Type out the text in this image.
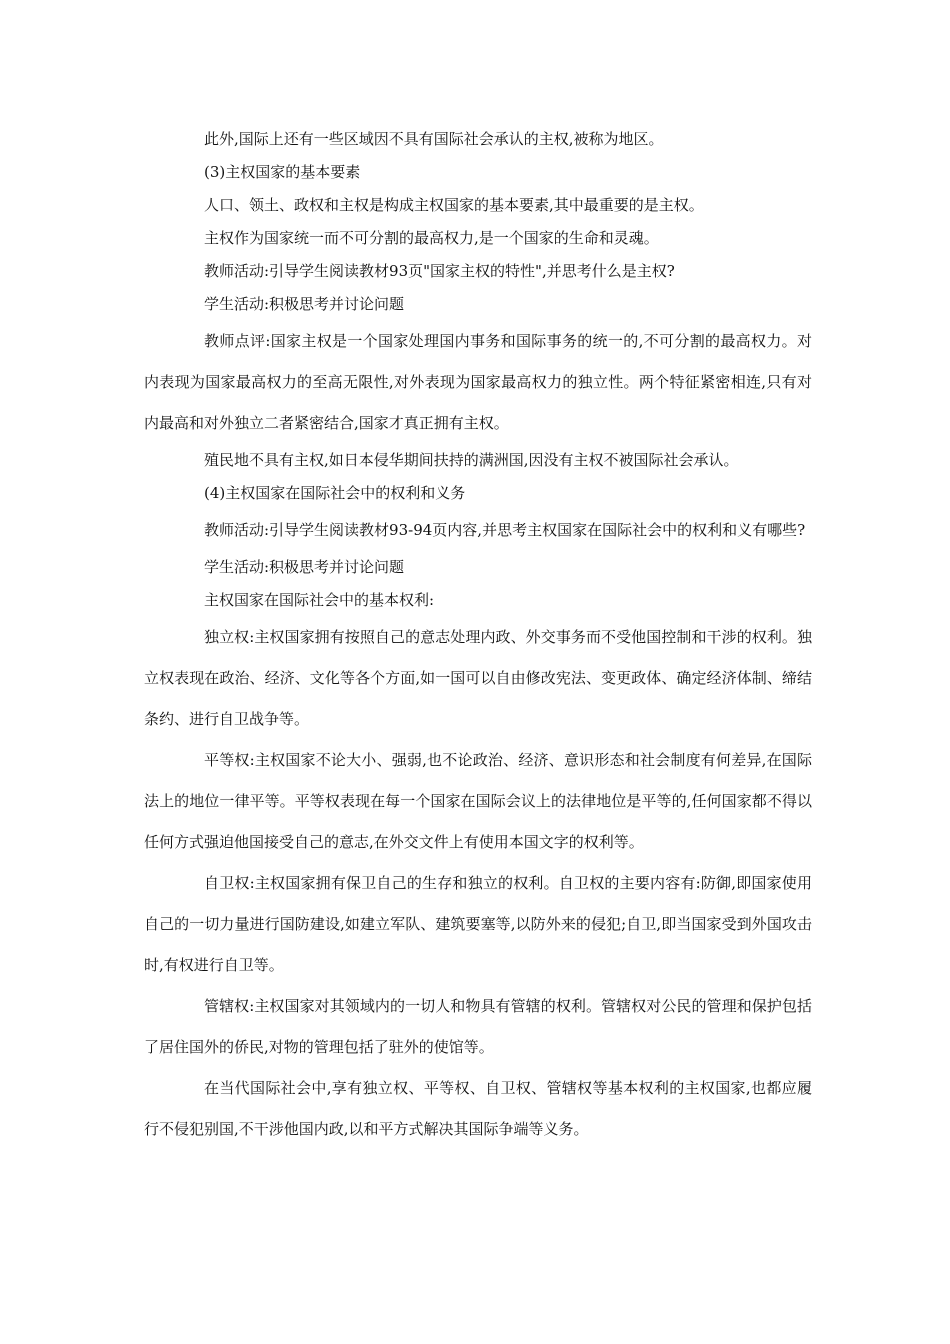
此外,国际上还有一些区域因不具有国际社会承认的主权,被称为地区。

(3)主权国家的基本要素

人口、领土、政权和主权是构成主权国家的基本要素,其中最重要的是主权。

主权作为国家统一而不可分割的最高权力,是一个国家的生命和灵魂。

教师活动:引导学生阅读教材93页"国家主权的特性",并思考什么是主权?

学生活动:积极思考并讨论问题

教师点评:国家主权是一个国家处理国内事务和国际事务的统一的,不可分割的最高权力。对内表现为国家最高权力的至高无限性,对外表现为国家最高权力的独立性。两个特征紧密相连,只有对内最高和对外独立二者紧密结合,国家才真正拥有主权。

殖民地不具有主权,如日本侵华期间扶持的满洲国,因没有主权不被国际社会承认。

(4)主权国家在国际社会中的权利和义务

教师活动:引导学生阅读教材93-94页内容,并思考主权国家在国际社会中的权利和义有哪些?

学生活动:积极思考并讨论问题

主权国家在国际社会中的基本权利:

独立权:主权国家拥有按照自己的意志处理内政、外交事务而不受他国控制和干涉的权利。独立权表现在政治、经济、文化等各个方面,如一国可以自由修改宪法、变更政体、确定经济体制、缔结条约、进行自卫战争等。

平等权:主权国家不论大小、强弱,也不论政治、经济、意识形态和社会制度有何差异,在国际法上的地位一律平等。平等权表现在每一个国家在国际会议上的法律地位是平等的,任何国家都不得以任何方式强迫他国接受自己的意志,在外交文件上有使用本国文字的权利等。

自卫权:主权国家拥有保卫自己的生存和独立的权利。自卫权的主要内容有:防御,即国家使用自己的一切力量进行国防建设,如建立军队、建筑要塞等,以防外来的侵犯;自卫,即当国家受到外国攻击时,有权进行自卫等。

管辖权:主权国家对其领域内的一切人和物具有管辖的权利。管辖权对公民的管理和保护包括了居住国外的侨民,对物的管理包括了驻外的使馆等。

在当代国际社会中,享有独立权、平等权、自卫权、管辖权等基本权利的主权国家,也都应履行不侵犯别国,不干涉他国内政,以和平方式解决其国际争端等义务。
